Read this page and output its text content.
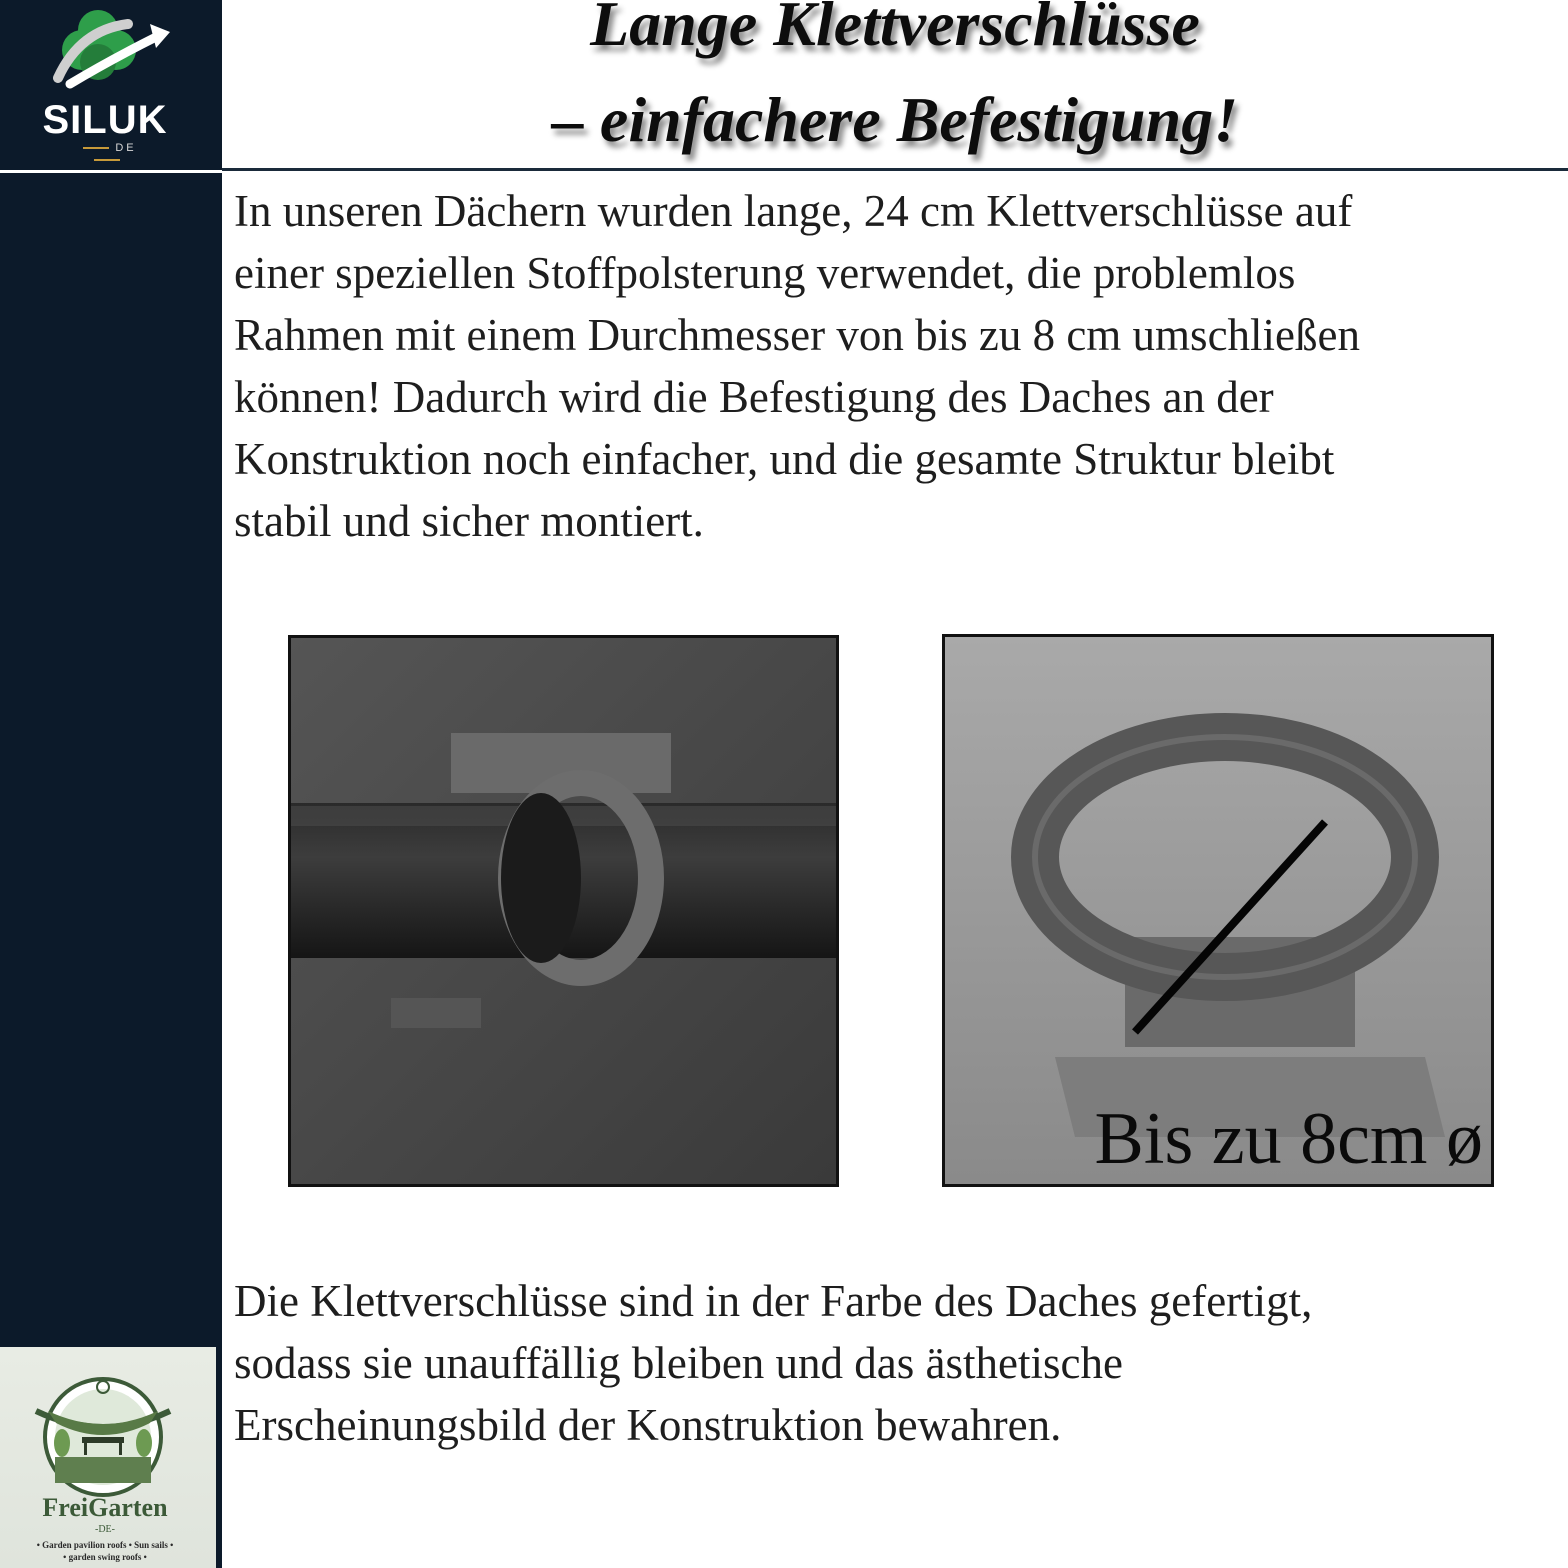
SILUK
DE
FreiGarten
-DE-
• Garden pavilion roofs • Sun sails •
• garden swing roofs •
Lange Klettverschlüsse
– einfachere Befestigung!
In unseren Dächern wurden lange, 24 cm Klettverschlüsse auf
einer speziellen Stoffpolsterung verwendet, die problemlos
Rahmen mit einem Durchmesser von bis zu 8 cm umschließen
können! Dadurch wird die Befestigung des Daches an der
Konstruktion noch einfacher, und die gesamte Struktur bleibt
stabil und sicher montiert.
Bis zu 8cm ø
Die Klettverschlüsse sind in der Farbe des Daches gefertigt,
sodass sie unauffällig bleiben und das ästhetische
Erscheinungsbild der Konstruktion bewahren.
